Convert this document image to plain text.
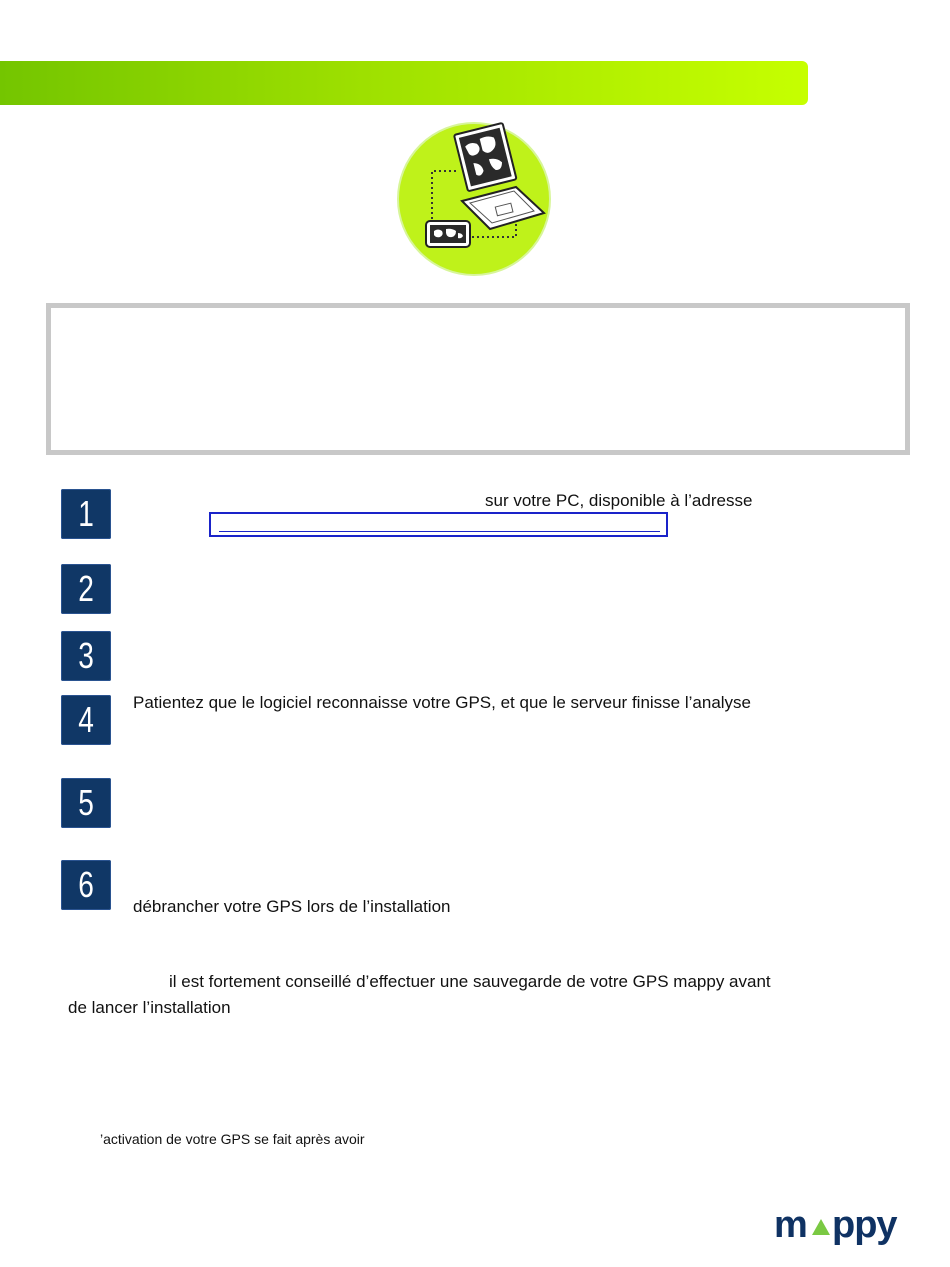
1
2
3
4
5
6
sur votre PC, disponible à l’adresse
Patientez que le logiciel reconnaisse votre GPS, et que le serveur finisse l’analyse
débrancher votre GPS lors de l’installation
il est fortement conseillé d’effectuer une sauvegarde de votre GPS mappy avant
de lancer l’installation
’activation de votre GPS se fait après avoir
m ppy
